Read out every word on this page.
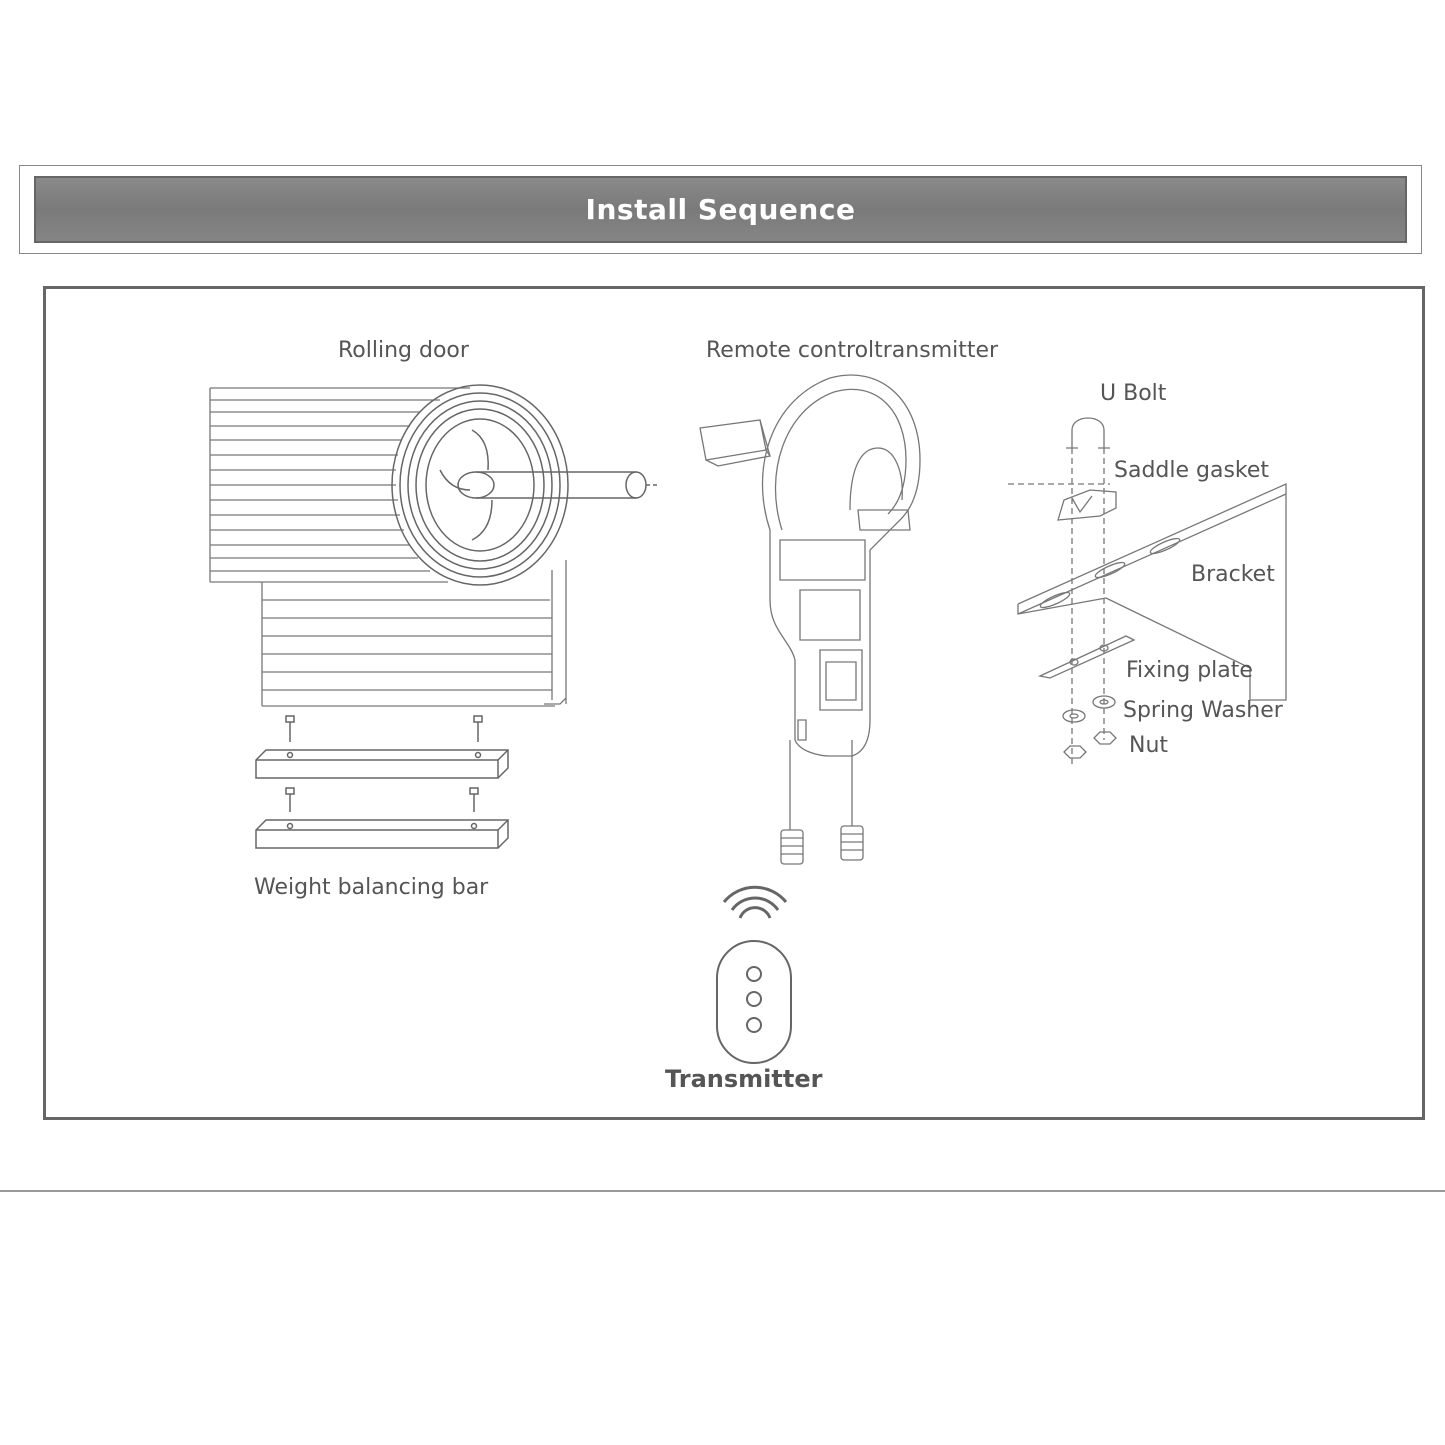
Install Sequence
Rolling door	Remote controltransmitter
U Bolt
Saddle gasket
Bracket
Fixing plate
Spring Washer
Nut
Weight balancing bar
Transmitter
